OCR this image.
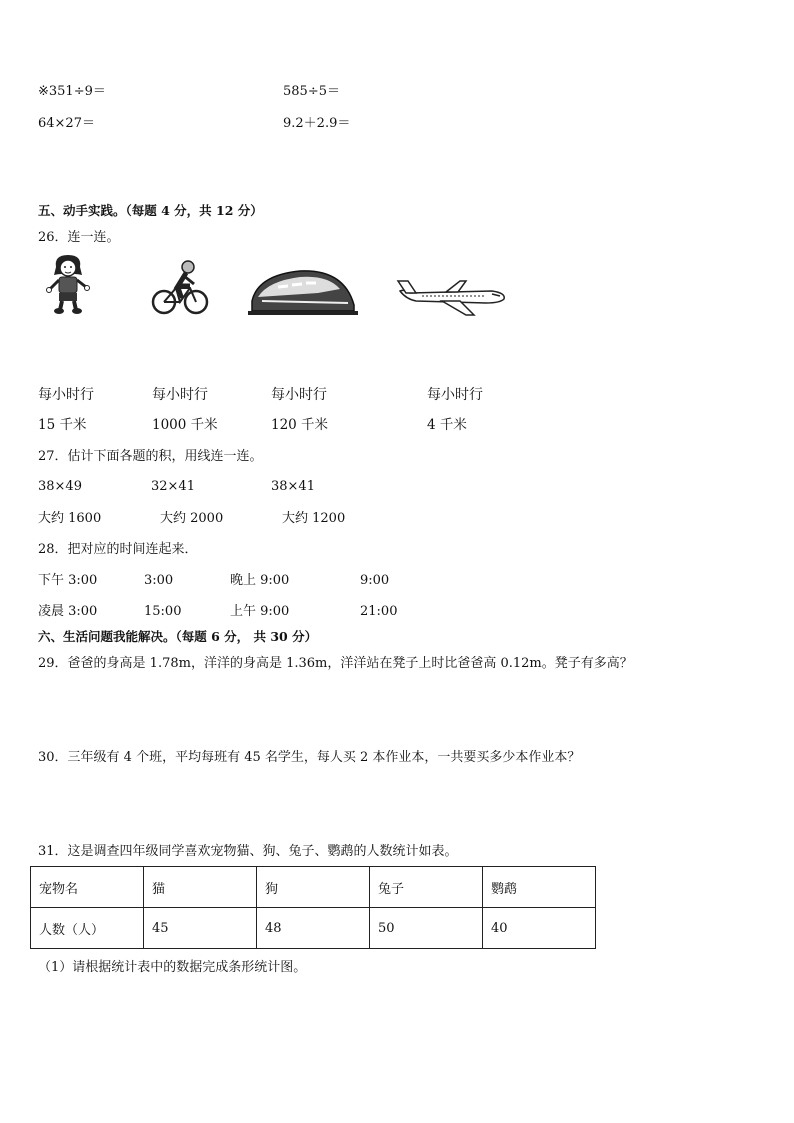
※351÷9＝	585÷5＝
64×27＝	9.2＋2.9＝
五、动手实践。（每题 4 分，共 12 分）
26．连一连。
每小时行	每小时行	每小时行	每小时行
15 千米	1000 千米	120 千米	4 千米
27．估计下面各题的积，用线连一连。
38×49	32×41	38×41
大约 1600	大约 2000	大约 1200
28．把对应的时间连起来．
下午 3:00	3:00	晚上 9:00	9:00
凌晨 3:00	15:00	上午 9:00	21:00
六、生活问题我能解决。（每题 6 分， 共 30 分）
29．爸爸的身高是 1.78m，洋洋的身高是 1.36m，洋洋站在凳子上时比爸爸高 0.12m。凳子有多高？
30．三年级有 4 个班，平均每班有 45 名学生，每人买 2 本作业本，一共要买多少本作业本？
31．这是调查四年级同学喜欢宠物猫、狗、兔子、鹦鹉的人数统计如表。
宠物名	猫	狗	兔子	鹦鹉
人数（人）	45	48	50	40
（1）请根据统计表中的数据完成条形统计图。
